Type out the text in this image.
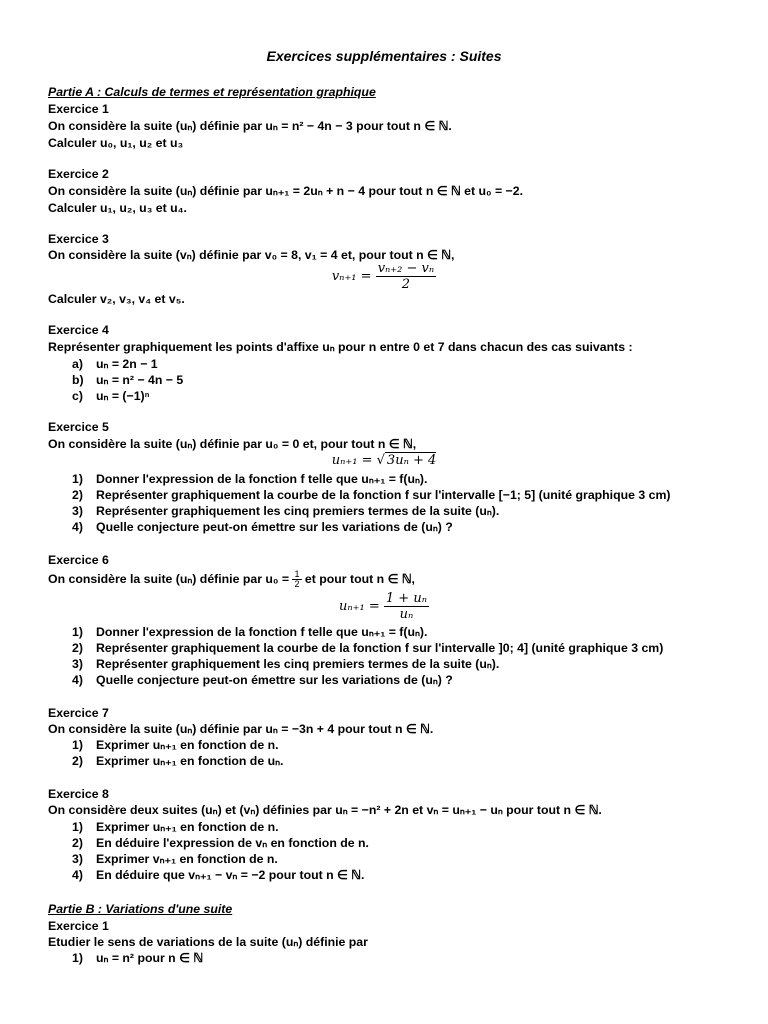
Exercices supplémentaires : Suites
Partie A : Calculs de termes et représentation graphique
Exercice 1
On considère la suite (uₙ) définie par uₙ = n² − 4n − 3 pour tout n ∈ ℕ.
Calculer u₀, u₁, u₂ et u₃
Exercice 2
On considère la suite (uₙ) définie par uₙ₊₁ = 2uₙ + n − 4 pour tout n ∈ ℕ et u₀ = −2.
Calculer u₁, u₂, u₃ et u₄.
Exercice 3
On considère la suite (vₙ) définie par v₀ = 8, v₁ = 4 et, pour tout n ∈ ℕ,
$v_{n+1} = \frac{\text{vₙ₊₂ − vₙ}}{2}$
Calculer v₂, v₃, v₄ et v₅.
Exercice 4
Représenter graphiquement les points d'affixe uₙ pour n entre 0 et 7 dans chacun des cas suivants :
a)	uₙ = 2n − 1
b)	uₙ = n² − 4n − 5
c)	uₙ = (−1)ⁿ
Exercice 5
On considère la suite (uₙ) définie par u₀ = 0 et, pour tout n ∈ ℕ,
uₙ₊₁ = √ 3uₙ + 4
1)	Donner l'expression de la fonction f telle que uₙ₊₁ = f(uₙ).
2)	Représenter graphiquement la courbe de la fonction f sur l'intervalle [−1; 5] (unité graphique 3 cm)
3)	Représenter graphiquement les cinq premiers termes de la suite (uₙ).
4)	Quelle conjecture peut-on émettre sur les variations de (uₙ) ?
Exercice 6
On considère la suite (uₙ) définie par $u_0 = \frac{1}{2}$ et pour tout n ∈ ℕ,
$u_{n+1} = \frac{\text{1 + uₙ}}{\text{uₙ}}$
1)	Donner l'expression de la fonction f telle que uₙ₊₁ = f(uₙ).
2)	Représenter graphiquement la courbe de la fonction f sur l'intervalle ]0; 4] (unité graphique 3 cm)
3)	Représenter graphiquement les cinq premiers termes de la suite (uₙ).
4)	Quelle conjecture peut-on émettre sur les variations de (uₙ) ?
Exercice 7
On considère la suite (uₙ) définie par uₙ = −3n + 4 pour tout n ∈ ℕ.
1)	Exprimer uₙ₊₁ en fonction de n.
2)	Exprimer uₙ₊₁ en fonction de uₙ.
Exercice 8
On considère deux suites (uₙ) et (vₙ) définies par uₙ = −n² + 2n et vₙ = uₙ₊₁ − uₙ pour tout n ∈ ℕ.
1)	Exprimer uₙ₊₁ en fonction de n.
2)	En déduire l'expression de vₙ en fonction de n.
3)	Exprimer vₙ₊₁ en fonction de n.
4)	En déduire que vₙ₊₁ − vₙ = −2 pour tout n ∈ ℕ.
Partie B : Variations d'une suite
Exercice 1
Etudier le sens de variations de la suite (uₙ) définie par
1)	uₙ = n² pour n ∈ ℕ
